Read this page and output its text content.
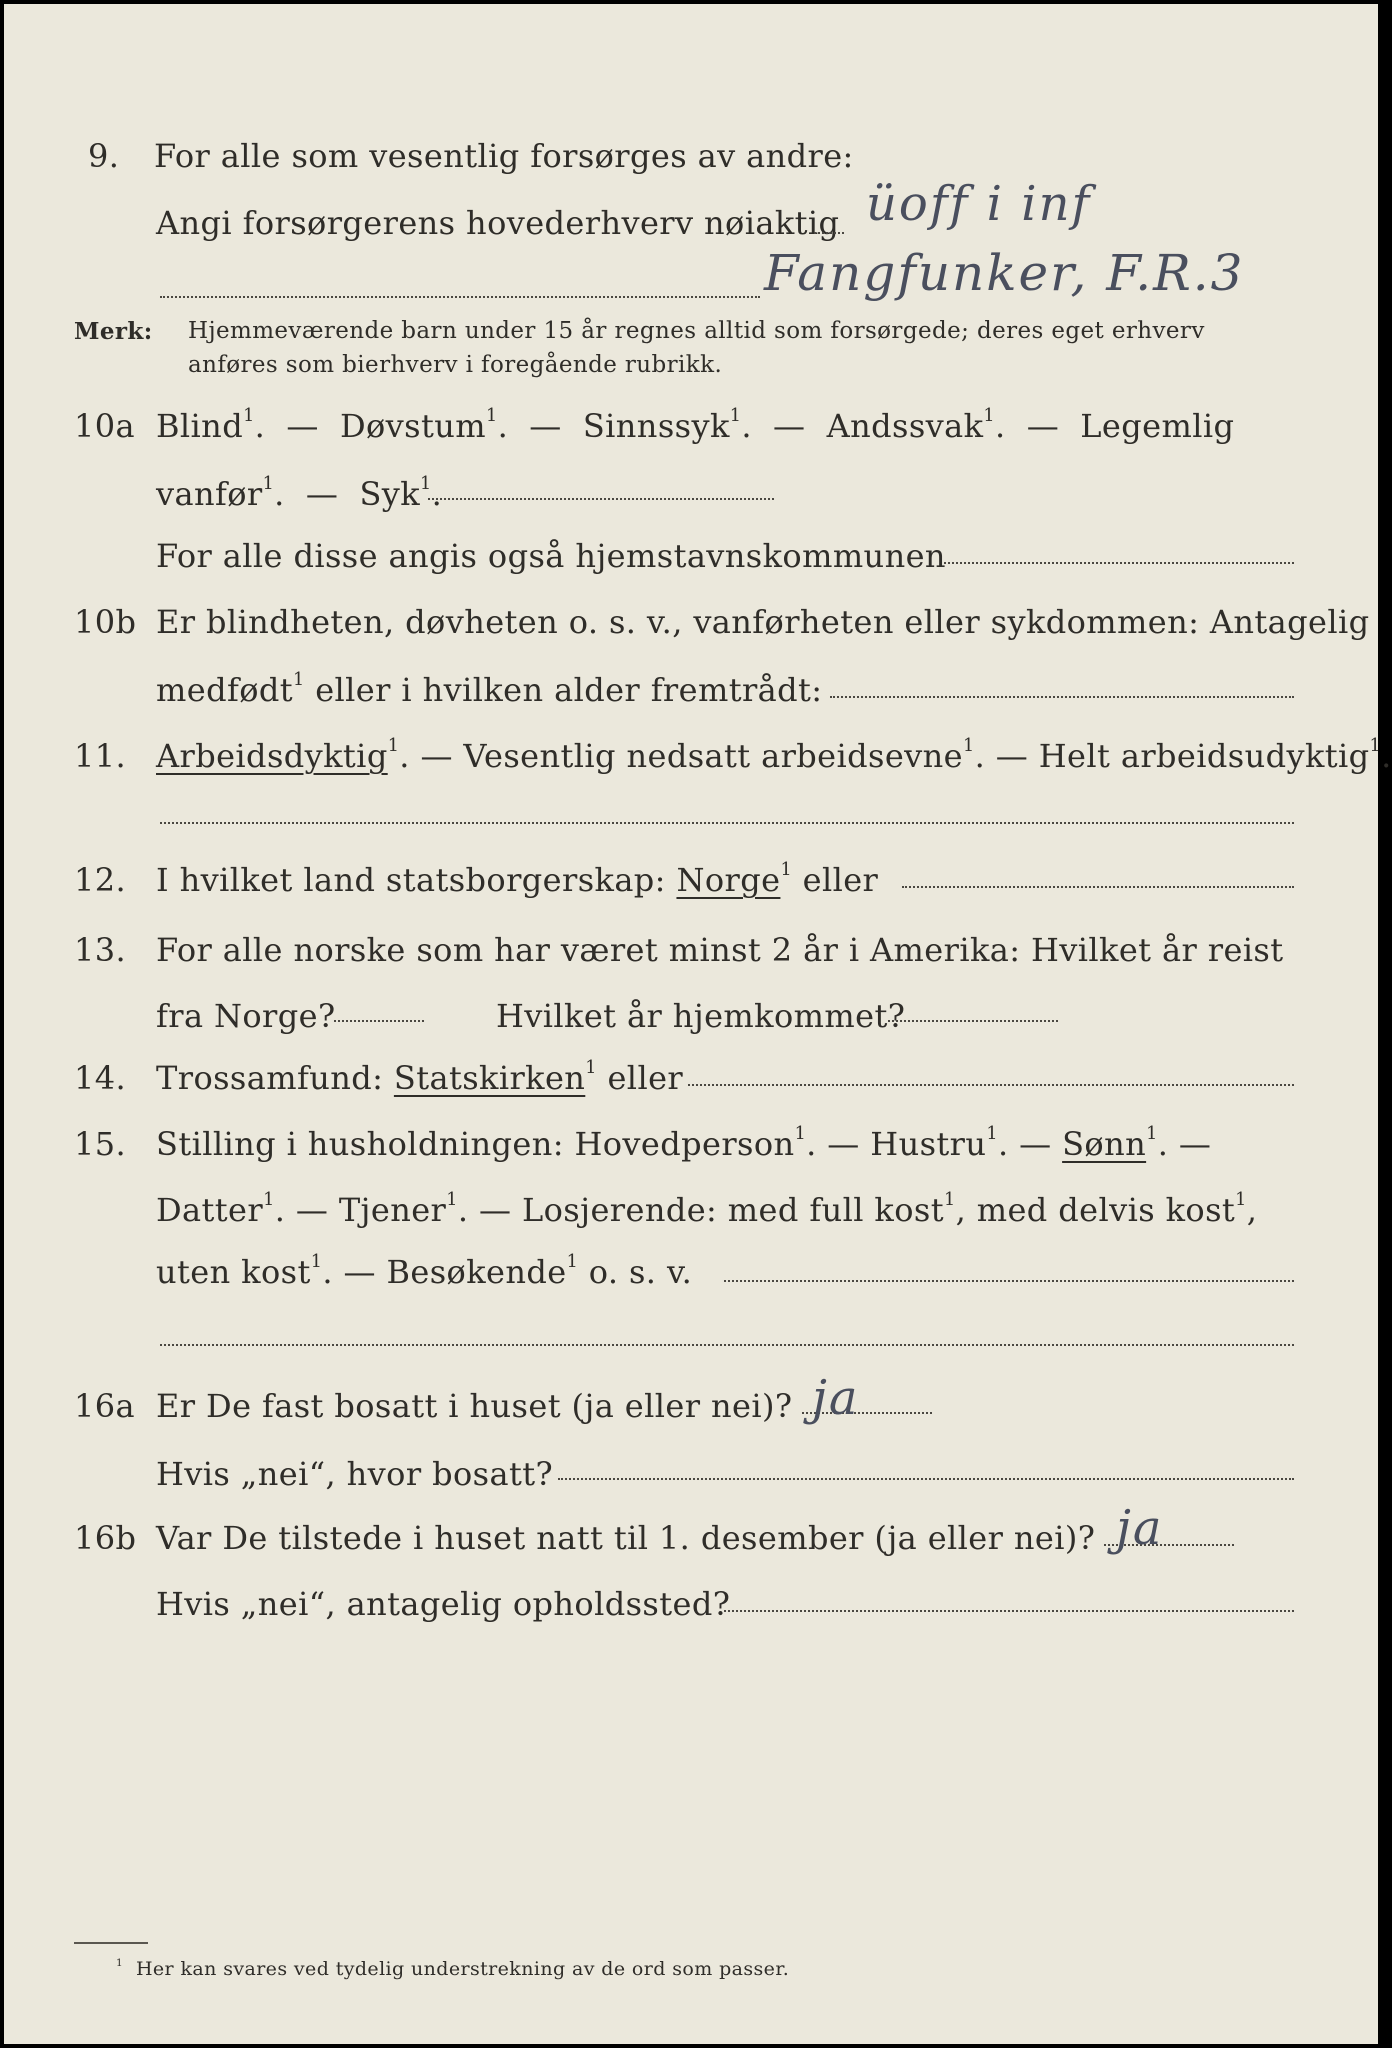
9. For alle som vesentlig forsørges av andre:
Angi forsørgerens hovederhverv nøiaktig üoff i inf
Fangfunker, F.R.3
Merk: Hjemmeværende barn under 15 år regnes alltid som forsørgede; deres eget erhverv
anføres som bierhverv i foregående rubrikk.
10a Blind$^1$.  —  Døvstum$^1$.  —  Sinnssyk$^1$.  —  Andssvak$^1$.  —  Legemlig
vanfør$^1$.  —  Syk$^1$.
For alle disse angis også hjemstavnskommunen
10b Er blindheten, døvheten o. s. v., vanførheten eller sykdommen: Antagelig
medfødt$^1$ eller i hvilken alder fremtrådt:
11. Arbeidsdyktig$^1$. — Vesentlig nedsatt arbeidsevne$^1$. — Helt arbeidsudyktig$^1$.
12. I hvilket land statsborgerskap: Norge$^1$ eller
13. For alle norske som har været minst 2 år i Amerika: Hvilket år reist
fra Norge?	Hvilket år hjemkommet?
14. Trossamfund: Statskirken$^1$ eller
15. Stilling i husholdningen: Hovedperson$^1$. — Hustru$^1$. — Sønn$^1$. —
Datter$^1$. — Tjener$^1$. — Losjerende: med full kost$^1$, med delvis kost$^1$,
uten kost$^1$. — Besøkende$^1$ o. s. v.
16a Er De fast bosatt i huset (ja eller nei)? ja
Hvis „nei“, hvor bosatt?
16b Var De tilstede i huset natt til 1. desember (ja eller nei)? ja
Hvis „nei“, antagelig opholdssted?
$^1$ Her kan svares ved tydelig understrekning av de ord som passer.
